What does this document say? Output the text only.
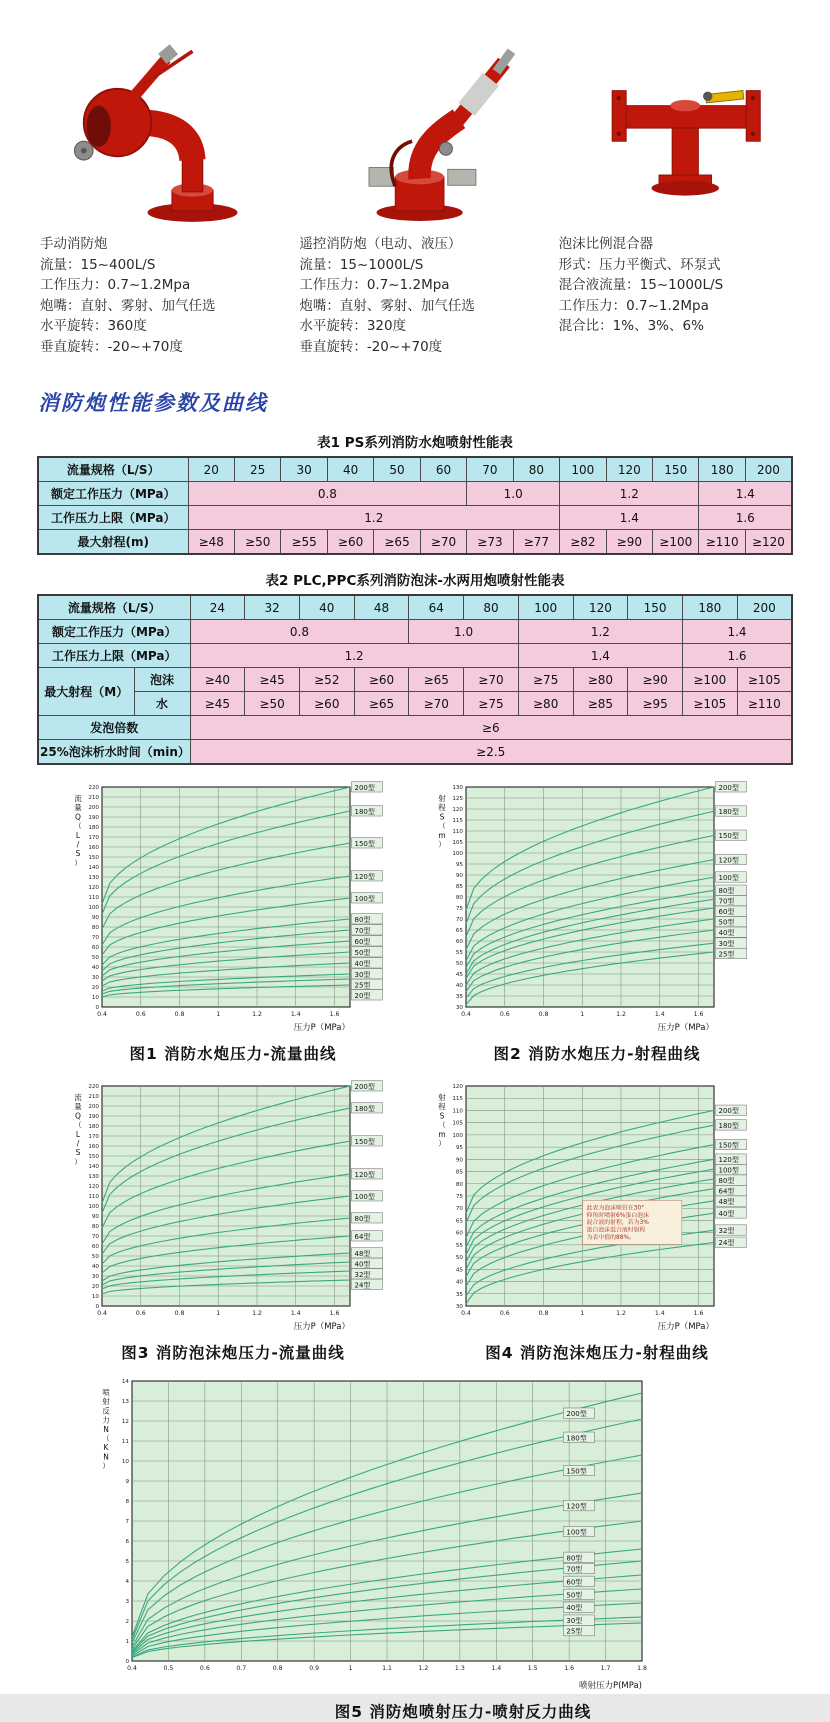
手动消防炮
流量：15~400L/S
工作压力：0.7~1.2Mpa
炮嘴：直射、雾射、加气任选
水平旋转：360度
垂直旋转：-20~+70度
遥控消防炮（电动、液压）
流量：15~1000L/S
工作压力：0.7~1.2Mpa
炮嘴：直射、雾射、加气任选
水平旋转：320度
垂直旋转：-20~+70度
泡沫比例混合器
形式：压力平衡式、环泵式
混合液流量：15~1000L/S
工作压力：0.7~1.2Mpa
混合比：1%、3%、6%
消防炮性能参数及曲线
表1 PS系列消防水炮喷射性能表
流量规格（L/S）	20	25	30	40	50	60	70	80	100	120	150	180	200
额定工作压力（MPa）	0.8						1.0		1.2			1.4	
工作压力上限（MPa）	1.2								1.4			1.6	
最大射程(m)	≥48	≥50	≥55	≥60	≥65	≥70	≥73	≥77	≥82	≥90	≥100	≥110	≥120
表2 PLC,PPC系列消防泡沫-水两用炮喷射性能表
流量规格（L/S）		24	32	40	48	64	80	100	120	150	180	200
额定工作压力（MPa）		0.8				1.0		1.2			1.4	
工作压力上限（MPa）		1.2						1.4			1.6	
最大射程（M）	泡沫	≥40	≥45	≥52	≥60	≥65	≥70	≥75	≥80	≥90	≥100	≥105
	水	≥45	≥50	≥60	≥65	≥70	≥75	≥80	≥85	≥95	≥105	≥110
发泡倍数		≥6										
25%泡沫析水时间（min）		≥2.5										
0
10
20
30
40
50
60
70
80
90
100
110
120
130
140
150
160
170
180
190
200
210
220
0.4	0.6	0.8	1	1.2	1.4	1.6
200型
180型
150型
120型
100型
80型
70型
60型
50型
40型
30型
25型
20型
压力P（MPa）
流
量
Q
（
L
/
S
）
图1 消防水炮压力-流量曲线
30
35
40
45
50
55
60
65
70
75
80
85
90
95
100
105
110
115
120
125
130
0.4	0.6	0.8	1	1.2	1.4	1.6
200型
180型
150型
120型
100型
80型
70型
60型
50型
40型
30型
25型
压力P（MPa）
射
程
S
（
m
）
图2 消防水炮压力-射程曲线
0
10
20
30
40
50
60
70
80
90
100
110
120
130
140
150
160
170
180
190
200
210
220
0.4	0.6	0.8	1	1.2	1.4	1.6
200型
180型
150型
120型
100型
80型
64型
48型
40型
32型
24型
压力P（MPa）
流
量
Q
（
L
/
S
）
图3 消防泡沫炮压力-流量曲线
30
35
40
45
50
55
60
65
70
75
80
85
90
95
100
105
110
115
120
0.4	0.6	0.8	1	1.2	1.4	1.6
200型
180型
150型
120型
100型
80型
64型
48型
40型
32型
24型
此表为泡沫喷管在30°
仰角时喷射6%蛋白泡沫
混合液的射程，若为3%
蛋白泡沫混合液时射程
为表中值的88%。
压力P（MPa）
射
程
S
（
m
）
图4 消防泡沫炮压力-射程曲线
0
1
2
3
4
5
6
7
8
9
10
11
12
13
14
0.4	0.5	0.6	0.7	0.8	0.9	1	1.1	1.2	1.3	1.4	1.5	1.6	1.7	1.8
200型
180型
150型
120型
100型
80型
70型
60型
50型
40型
30型
25型
喷射压力P(MPa)
喷
射
反
力
N
（
K
N
）
图5 消防炮喷射压力-喷射反力曲线
